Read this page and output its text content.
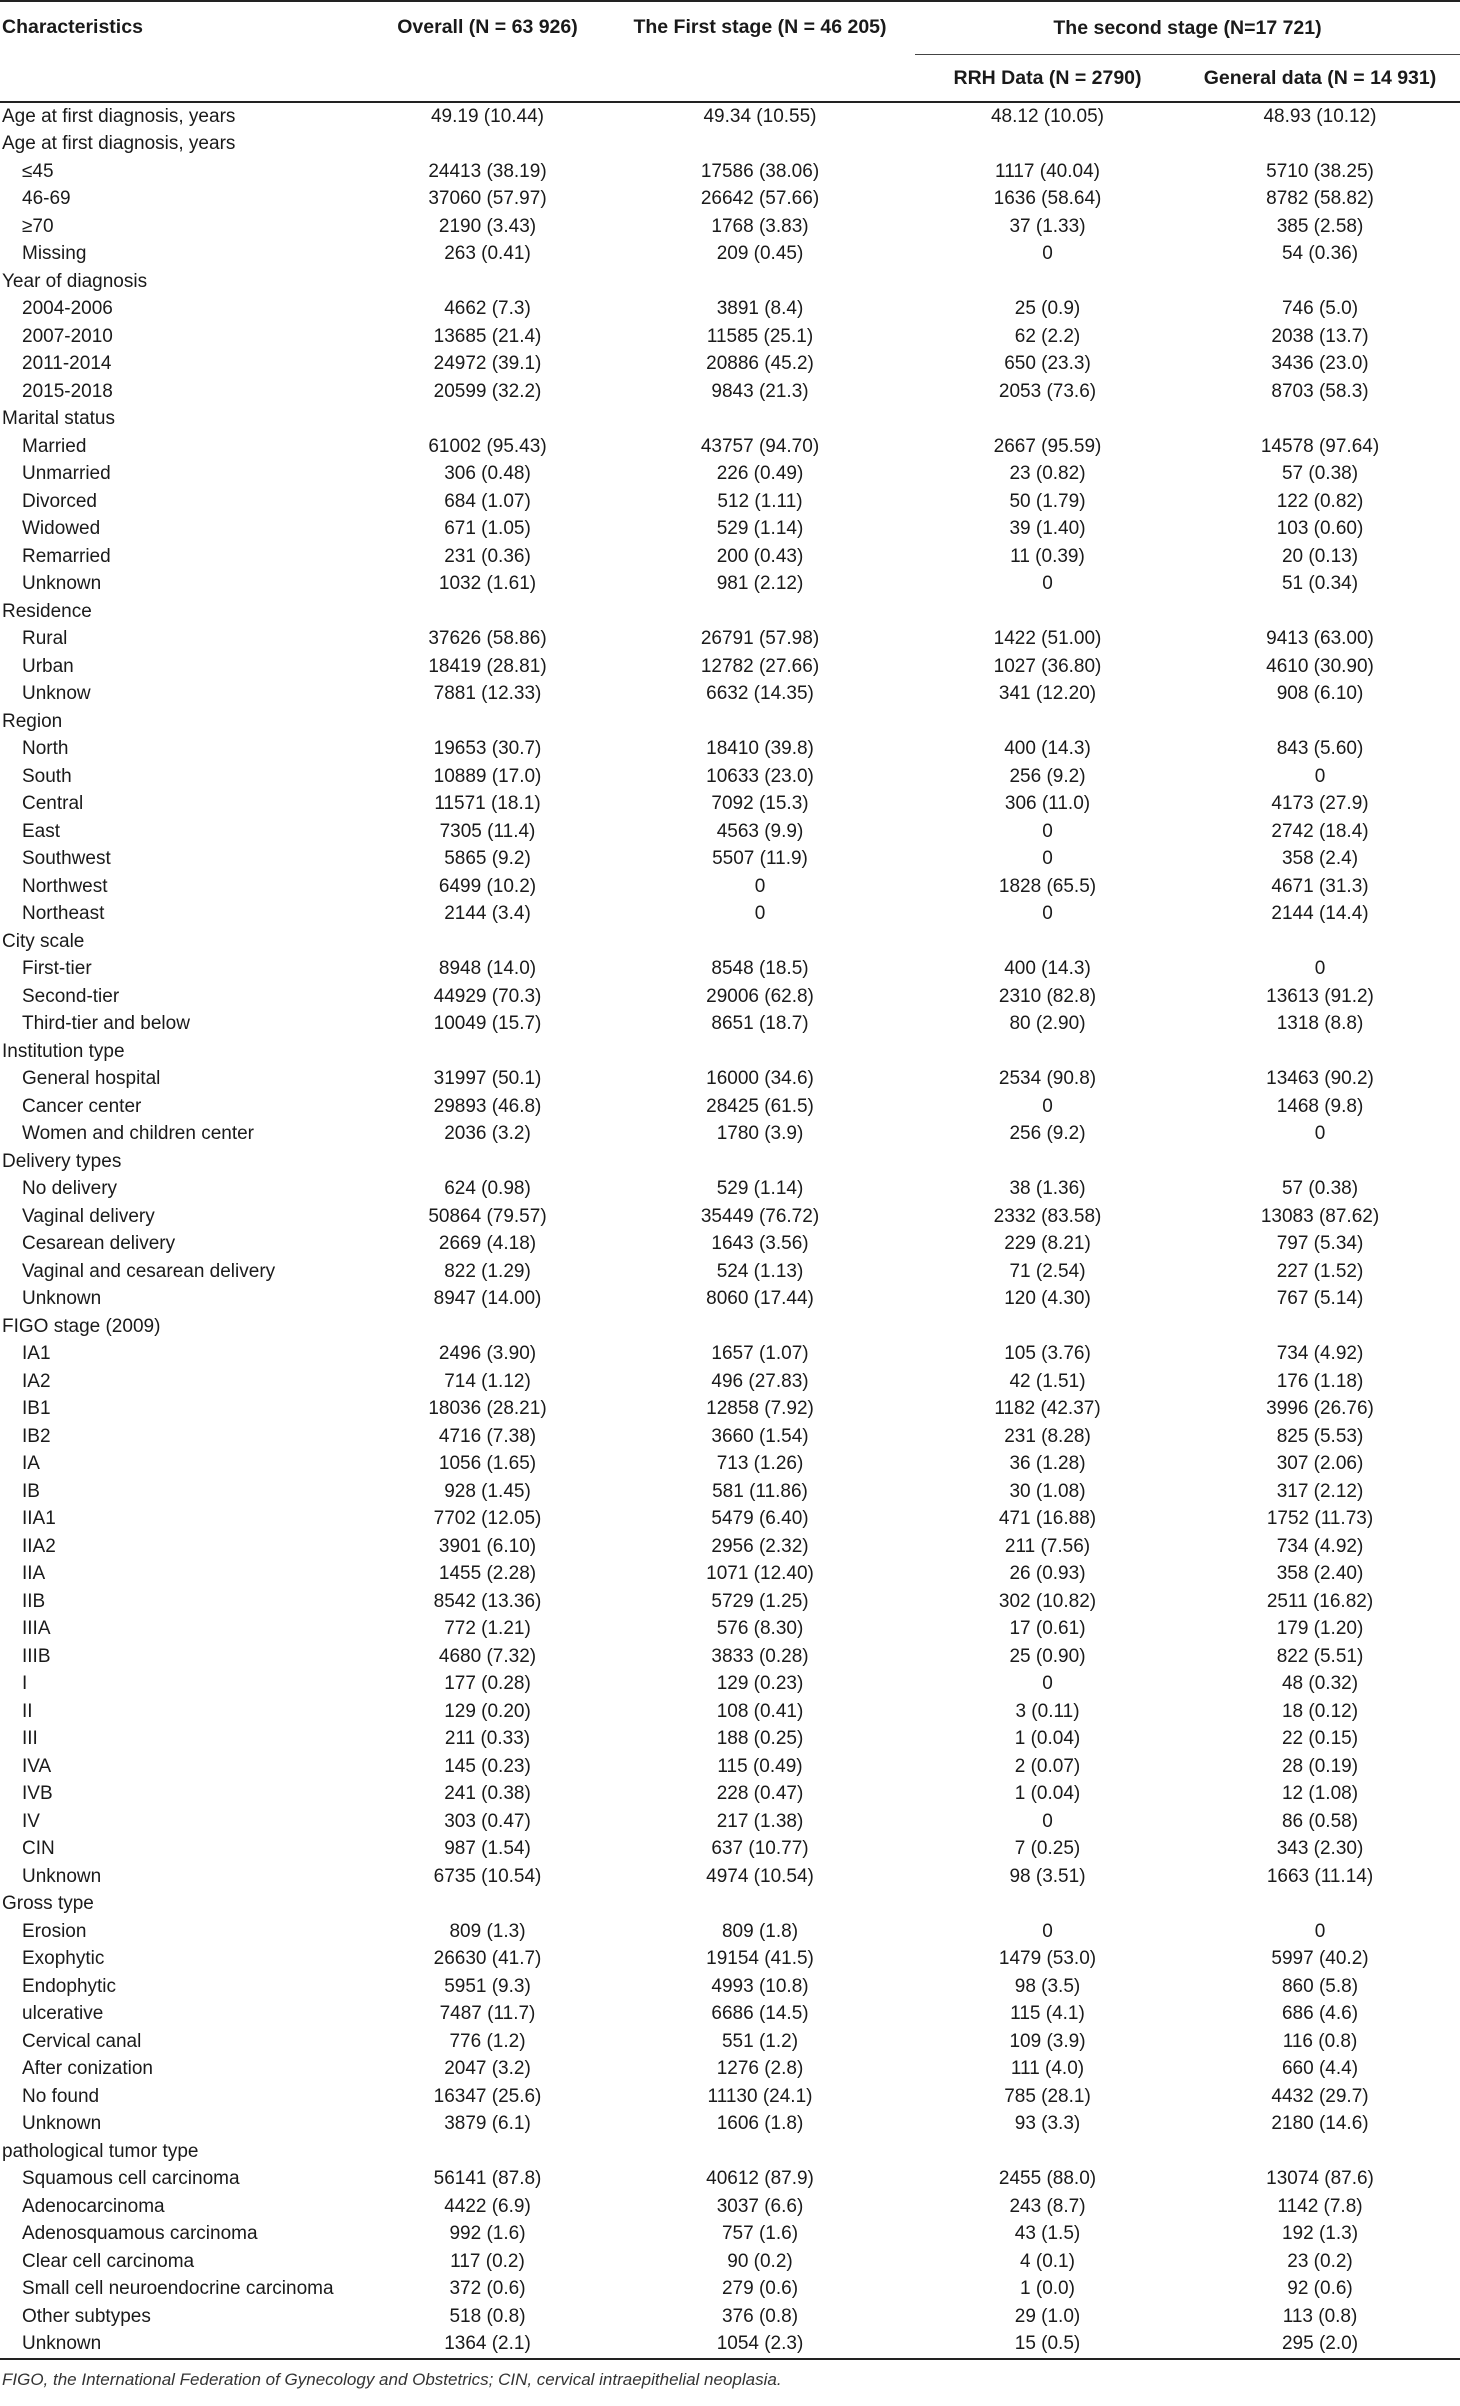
Characteristics	Overall (N = 63 926)	The First stage (N = 46 205)	The second stage (N=17 721)	
			RRH Data (N = 2790)	General data (N = 14 931)
Age at first diagnosis, years	49.19 (10.44)	49.34 (10.55)	48.12 (10.05)	48.93 (10.12)
Age at first diagnosis, years				
≤45	24413 (38.19)	17586 (38.06)	1117 (40.04)	5710 (38.25)
46-69	37060 (57.97)	26642 (57.66)	1636 (58.64)	8782 (58.82)
≥70	2190 (3.43)	1768 (3.83)	37 (1.33)	385 (2.58)
Missing	263 (0.41)	209 (0.45)	0	54 (0.36)
Year of diagnosis				
2004-2006	4662 (7.3)	3891 (8.4)	25 (0.9)	746 (5.0)
2007-2010	13685 (21.4)	11585 (25.1)	62 (2.2)	2038 (13.7)
2011-2014	24972 (39.1)	20886 (45.2)	650 (23.3)	3436 (23.0)
2015-2018	20599 (32.2)	9843 (21.3)	2053 (73.6)	8703 (58.3)
Marital status				
Married	61002 (95.43)	43757 (94.70)	2667 (95.59)	14578 (97.64)
Unmarried	306 (0.48)	226 (0.49)	23 (0.82)	57 (0.38)
Divorced	684 (1.07)	512 (1.11)	50 (1.79)	122 (0.82)
Widowed	671 (1.05)	529 (1.14)	39 (1.40)	103 (0.60)
Remarried	231 (0.36)	200 (0.43)	11 (0.39)	20 (0.13)
Unknown	1032 (1.61)	981 (2.12)	0	51 (0.34)
Residence				
Rural	37626 (58.86)	26791 (57.98)	1422 (51.00)	9413 (63.00)
Urban	18419 (28.81)	12782 (27.66)	1027 (36.80)	4610 (30.90)
Unknow	7881 (12.33)	6632 (14.35)	341 (12.20)	908 (6.10)
Region				
North	19653 (30.7)	18410 (39.8)	400 (14.3)	843 (5.60)
South	10889 (17.0)	10633 (23.0)	256 (9.2)	0
Central	11571 (18.1)	7092 (15.3)	306 (11.0)	4173 (27.9)
East	7305 (11.4)	4563 (9.9)	0	2742 (18.4)
Southwest	5865 (9.2)	5507 (11.9)	0	358 (2.4)
Northwest	6499 (10.2)	0	1828 (65.5)	4671 (31.3)
Northeast	2144 (3.4)	0	0	2144 (14.4)
City scale				
First-tier	8948 (14.0)	8548 (18.5)	400 (14.3)	0
Second-tier	44929 (70.3)	29006 (62.8)	2310 (82.8)	13613 (91.2)
Third-tier and below	10049 (15.7)	8651 (18.7)	80 (2.90)	1318 (8.8)
Institution type				
General hospital	31997 (50.1)	16000 (34.6)	2534 (90.8)	13463 (90.2)
Cancer center	29893 (46.8)	28425 (61.5)	0	1468 (9.8)
Women and children center	2036 (3.2)	1780 (3.9)	256 (9.2)	0
Delivery types				
No delivery	624 (0.98)	529 (1.14)	38 (1.36)	57 (0.38)
Vaginal delivery	50864 (79.57)	35449 (76.72)	2332 (83.58)	13083 (87.62)
Cesarean delivery	2669 (4.18)	1643 (3.56)	229 (8.21)	797 (5.34)
Vaginal and cesarean delivery	822 (1.29)	524 (1.13)	71 (2.54)	227 (1.52)
Unknown	8947 (14.00)	8060 (17.44)	120 (4.30)	767 (5.14)
FIGO stage (2009)				
IA1	2496 (3.90)	1657 (1.07)	105 (3.76)	734 (4.92)
IA2	714 (1.12)	496 (27.83)	42 (1.51)	176 (1.18)
IB1	18036 (28.21)	12858 (7.92)	1182 (42.37)	3996 (26.76)
IB2	4716 (7.38)	3660 (1.54)	231 (8.28)	825 (5.53)
IA	1056 (1.65)	713 (1.26)	36 (1.28)	307 (2.06)
IB	928 (1.45)	581 (11.86)	30 (1.08)	317 (2.12)
IIA1	7702 (12.05)	5479 (6.40)	471 (16.88)	1752 (11.73)
IIA2	3901 (6.10)	2956 (2.32)	211 (7.56)	734 (4.92)
IIA	1455 (2.28)	1071 (12.40)	26 (0.93)	358 (2.40)
IIB	8542 (13.36)	5729 (1.25)	302 (10.82)	2511 (16.82)
IIIA	772 (1.21)	576 (8.30)	17 (0.61)	179 (1.20)
IIIB	4680 (7.32)	3833 (0.28)	25 (0.90)	822 (5.51)
I	177 (0.28)	129 (0.23)	0	48 (0.32)
II	129 (0.20)	108 (0.41)	3 (0.11)	18 (0.12)
III	211 (0.33)	188 (0.25)	1 (0.04)	22 (0.15)
IVA	145 (0.23)	115 (0.49)	2 (0.07)	28 (0.19)
IVB	241 (0.38)	228 (0.47)	1 (0.04)	12 (1.08)
IV	303 (0.47)	217 (1.38)	0	86 (0.58)
CIN	987 (1.54)	637 (10.77)	7 (0.25)	343 (2.30)
Unknown	6735 (10.54)	4974 (10.54)	98 (3.51)	1663 (11.14)
Gross type				
Erosion	809 (1.3)	809 (1.8)	0	0
Exophytic	26630 (41.7)	19154 (41.5)	1479 (53.0)	5997 (40.2)
Endophytic	5951 (9.3)	4993 (10.8)	98 (3.5)	860 (5.8)
ulcerative	7487 (11.7)	6686 (14.5)	115 (4.1)	686 (4.6)
Cervical canal	776 (1.2)	551 (1.2)	109 (3.9)	116 (0.8)
After conization	2047 (3.2)	1276 (2.8)	111 (4.0)	660 (4.4)
No found	16347 (25.6)	11130 (24.1)	785 (28.1)	4432 (29.7)
Unknown	3879 (6.1)	1606 (1.8)	93 (3.3)	2180 (14.6)
pathological tumor type				
Squamous cell carcinoma	56141 (87.8)	40612 (87.9)	2455 (88.0)	13074 (87.6)
Adenocarcinoma	4422 (6.9)	3037 (6.6)	243 (8.7)	1142 (7.8)
Adenosquamous carcinoma	992 (1.6)	757 (1.6)	43 (1.5)	192 (1.3)
Clear cell carcinoma	117 (0.2)	90 (0.2)	4 (0.1)	23 (0.2)
Small cell neuroendocrine carcinoma	372 (0.6)	279 (0.6)	1 (0.0)	92 (0.6)
Other subtypes	518 (0.8)	376 (0.8)	29 (1.0)	113 (0.8)
Unknown	1364 (2.1)	1054 (2.3)	15 (0.5)	295 (2.0)
FIGO, the International Federation of Gynecology and Obstetrics; CIN, cervical intraepithelial neoplasia.
